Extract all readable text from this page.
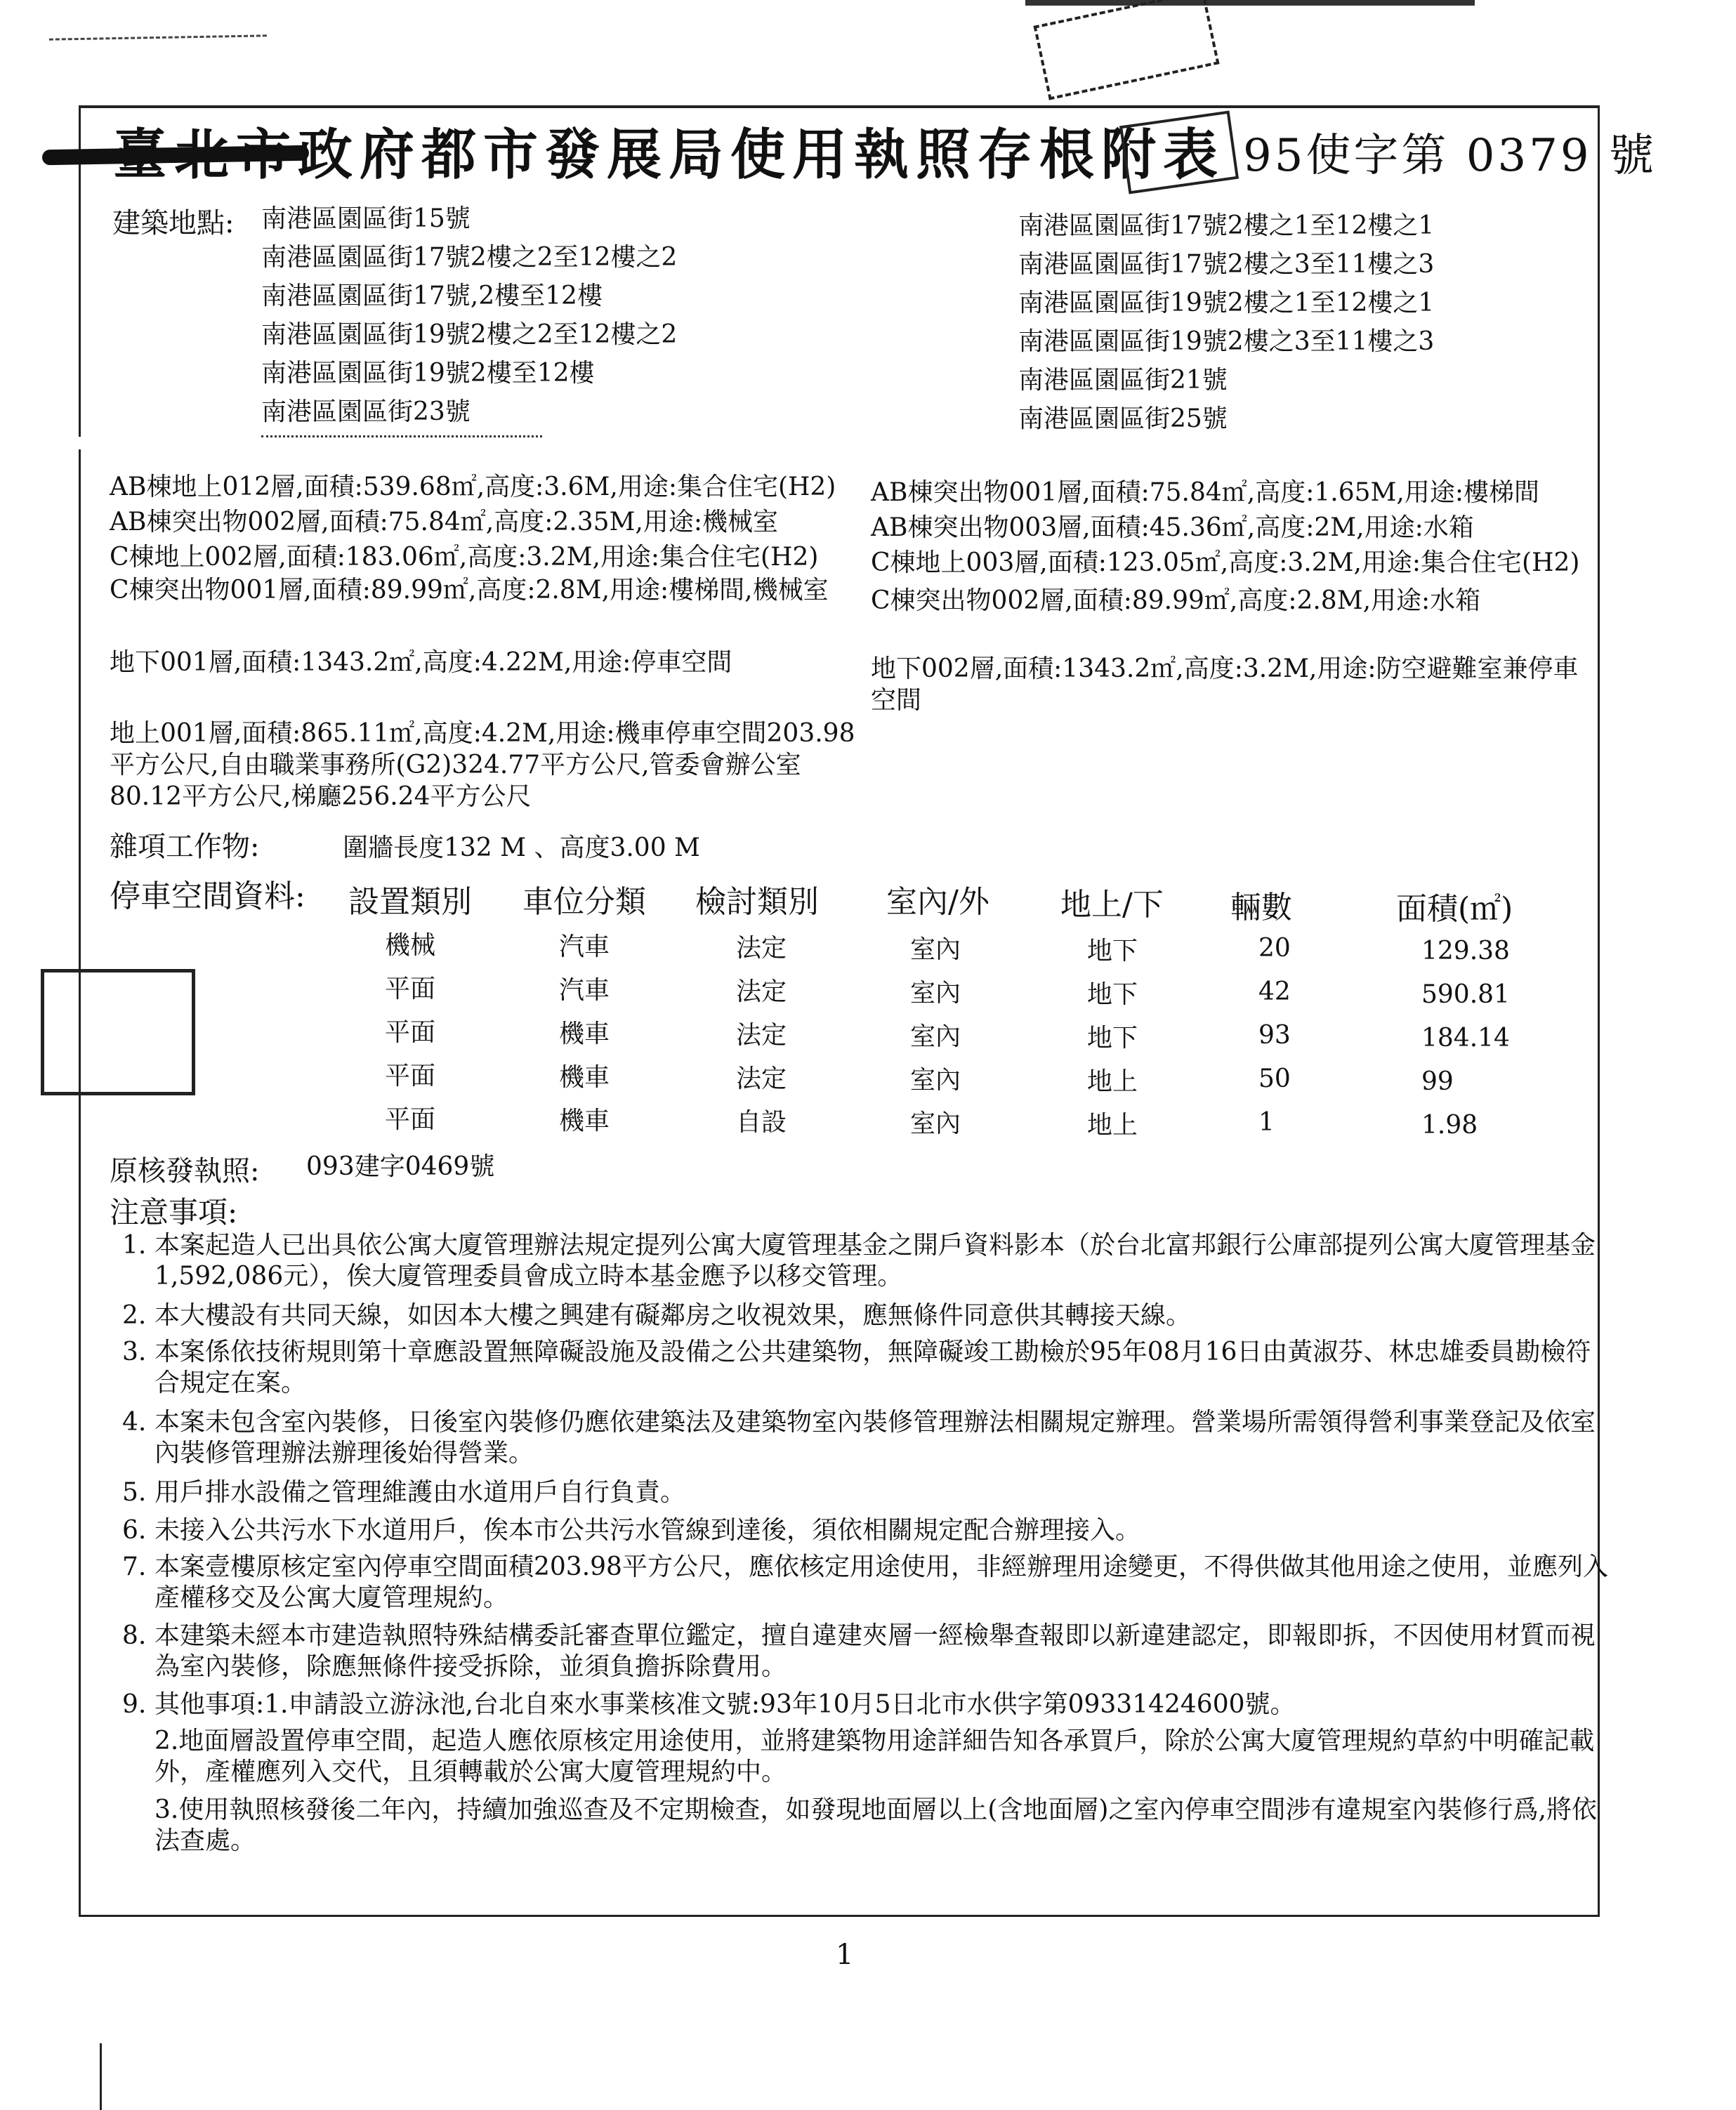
臺北市政府都市發展局使用執照存根附表 95使字第 0379 號
建築地點: 南港區園區街15號
南港區園區街17號2樓之2至12樓之2
南港區園區街17號,2樓至12樓
南港區園區街19號2樓之2至12樓之2
南港區園區街19號2樓至12樓
南港區園區街23號
南港區園區街17號2樓之1至12樓之1
南港區園區街17號2樓之3至11樓之3
南港區園區街19號2樓之1至12樓之1
南港區園區街19號2樓之3至11樓之3
南港區園區街21號
南港區園區街25號
AB棟地上012層,面積:539.68㎡,高度:3.6M,用途:集合住宅(H2)
AB棟突出物002層,面積:75.84㎡,高度:2.35M,用途:機械室
C棟地上002層,面積:183.06㎡,高度:3.2M,用途:集合住宅(H2)
C棟突出物001層,面積:89.99㎡,高度:2.8M,用途:樓梯間,機械室
地下001層,面積:1343.2㎡,高度:4.22M,用途:停車空間
地上001層,面積:865.11㎡,高度:4.2M,用途:機車停車空間203.98平方公尺,自由職業事務所(G2)324.77平方公尺,管委會辦公室80.12平方公尺,梯廳256.24平方公尺
AB棟突出物001層,面積:75.84㎡,高度:1.65M,用途:樓梯間
AB棟突出物003層,面積:45.36㎡,高度:2M,用途:水箱
C棟地上003層,面積:123.05㎡,高度:3.2M,用途:集合住宅(H2)
C棟突出物002層,面積:89.99㎡,高度:2.8M,用途:水箱
地下002層,面積:1343.2㎡,高度:3.2M,用途:防空避難室兼停車空間
雜項工作物:	圍牆長度132 M 、高度3.00 M
停車空間資料: 設置類別 車位分類 檢討類別 室內/外 地上/下 輛數	面積(㎡)
機械	汽車	法定	室內	地下	20	129.38
平面	汽車	法定	室內	地下	42	590.81
平面	機車	法定	室內	地下	93	184.14
平面	機車	法定	室內	地上	50	99
平面	機車	自設	室內	地上	1	1.98
原核發執照: 093建字0469號
注意事項:
1. 本案起造人已出具依公寓大廈管理辦法規定提列公寓大廈管理基金之開戶資料影本（於台北富邦銀行公庫部提列公寓大廈管理基金1,592,086元），俟大廈管理委員會成立時本基金應予以移交管理。
2. 本大樓設有共同天線，如因本大樓之興建有礙鄰房之收視效果，應無條件同意供其轉接天線。
3. 本案係依技術規則第十章應設置無障礙設施及設備之公共建築物，無障礙竣工勘檢於95年08月16日由黃淑芬、林忠雄委員勘檢符合規定在案。
4. 本案未包含室內裝修，日後室內裝修仍應依建築法及建築物室內裝修管理辦法相關規定辦理。營業場所需領得營利事業登記及依室內裝修管理辦法辦理後始得營業。
5. 用戶排水設備之管理維護由水道用戶自行負責。
6. 未接入公共污水下水道用戶，俟本市公共污水管線到達後，須依相關規定配合辦理接入。
7. 本案壹樓原核定室內停車空間面積203.98平方公尺，應依核定用途使用，非經辦理用途變更，不得供做其他用途之使用，並應列入產權移交及公寓大廈管理規約。
8. 本建築未經本市建造執照特殊結構委託審查單位鑑定，擅自違建夾層一經檢舉查報即以新違建認定，即報即拆，不因使用材質而視為室內裝修，除應無條件接受拆除，並須負擔拆除費用。
9. 其他事項:1.申請設立游泳池,台北自來水事業核准文號:93年10月5日北市水供字第09331424600號。
2.地面層設置停車空間，起造人應依原核定用途使用，並將建築物用途詳細告知各承買戶，除於公寓大廈管理規約草約中明確記載外，產權應列入交代，且須轉載於公寓大廈管理規約中。
3.使用執照核發後二年內，持續加強巡查及不定期檢查，如發現地面層以上(含地面層)之室內停車空間涉有違規室內裝修行爲,將依法查處。
1
